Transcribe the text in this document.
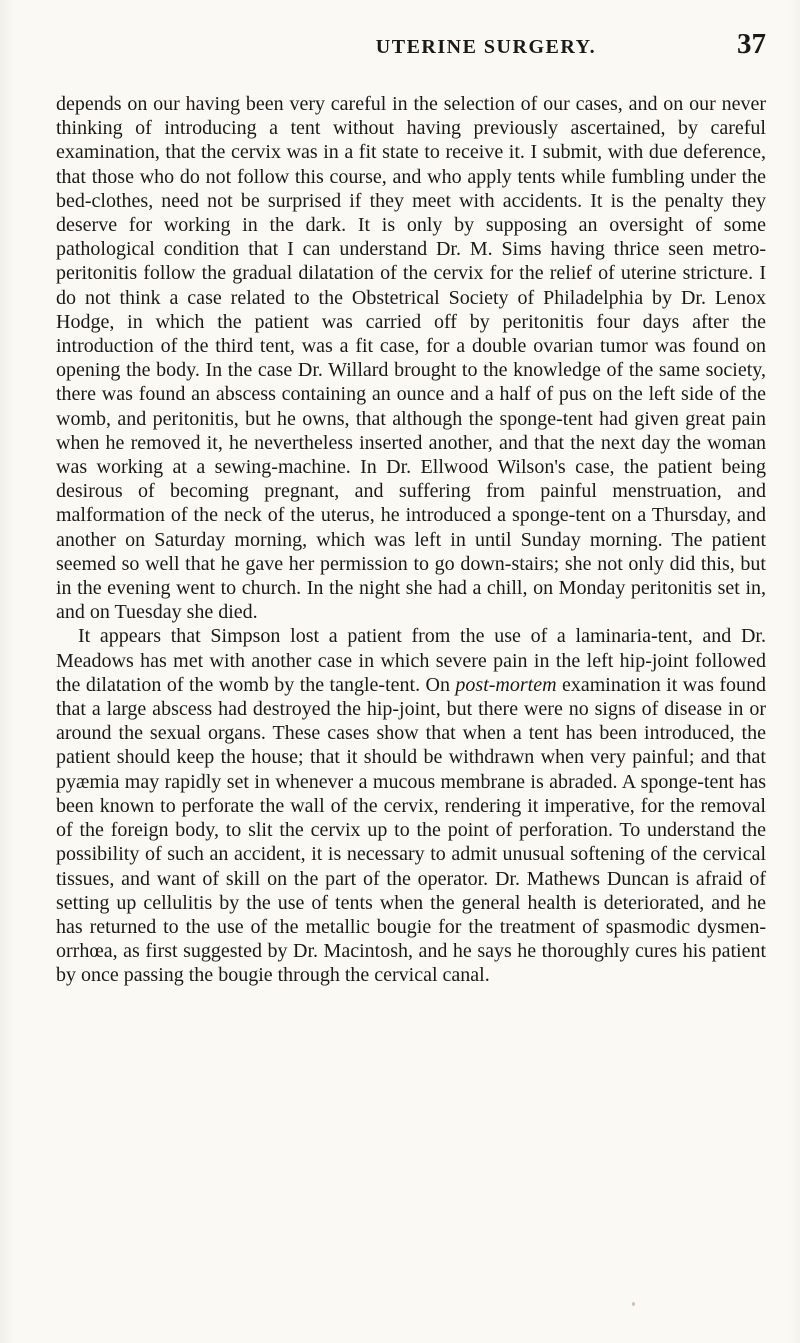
UTERINE SURGERY.	37

depends on our having been very careful in the selection of our cases, and on our never thinking of introducing a tent without having previously ascertained, by careful examination, that the cervix was in a fit state to receive it. I submit, with due deference, that those who do not follow this course, and who apply tents while fumbling under the bed-clothes, need not be surprised if they meet with accidents. It is the penalty they deserve for working in the dark. It is only by supposing an oversight of some pathological condition that I can understand Dr. M. Sims having thrice seen metro-peritonitis follow the gradual dilatation of the cervix for the relief of uterine stricture. I do not think a case related to the Obstetrical Society of Philadelphia by Dr. Lenox Hodge, in which the patient was carried off by peritonitis four days after the introduction of the third tent, was a fit case, for a double ovarian tumor was found on opening the body. In the case Dr. Willard brought to the knowledge of the same society, there was found an abscess containing an ounce and a half of pus on the left side of the womb, and peritonitis, but he owns, that although the sponge-tent had given great pain when he removed it, he nevertheless inserted another, and that the next day the woman was working at a sewing-machine. In Dr. Ellwood Wilson's case, the patient being desirous of becoming pregnant, and suffering from painful menstruation, and malformation of the neck of the uterus, he introduced a sponge-tent on a Thursday, and another on Saturday morning, which was left in until Sunday morning. The patient seemed so well that he gave her permission to go down-stairs; she not only did this, but in the evening went to church. In the night she had a chill, on Monday peritonitis set in, and on Tuesday she died.

It appears that Simpson lost a patient from the use of a laminaria-tent, and Dr. Meadows has met with another case in which severe pain in the left hip-joint followed the dilatation of the womb by the tangle-tent. On post-mortem examination it was found that a large abscess had destroyed the hip-joint, but there were no signs of disease in or around the sexual organs. These cases show that when a tent has been introduced, the patient should keep the house; that it should be withdrawn when very painful; and that pyæmia may rapidly set in whenever a mucous membrane is abraded. A sponge-tent has been known to perforate the wall of the cervix, rendering it imperative, for the removal of the foreign body, to slit the cervix up to the point of perforation. To understand the possibility of such an accident, it is necessary to admit unusual softening of the cervical tissues, and want of skill on the part of the operator. Dr. Mathews Duncan is afraid of setting up cellulitis by the use of tents when the general health is deteriorated, and he has returned to the use of the metallic bougie for the treatment of spasmodic dysmenorrhœa, as first suggested by Dr. Macintosh, and he says he thoroughly cures his patient by once passing the bougie through the cervical canal.
